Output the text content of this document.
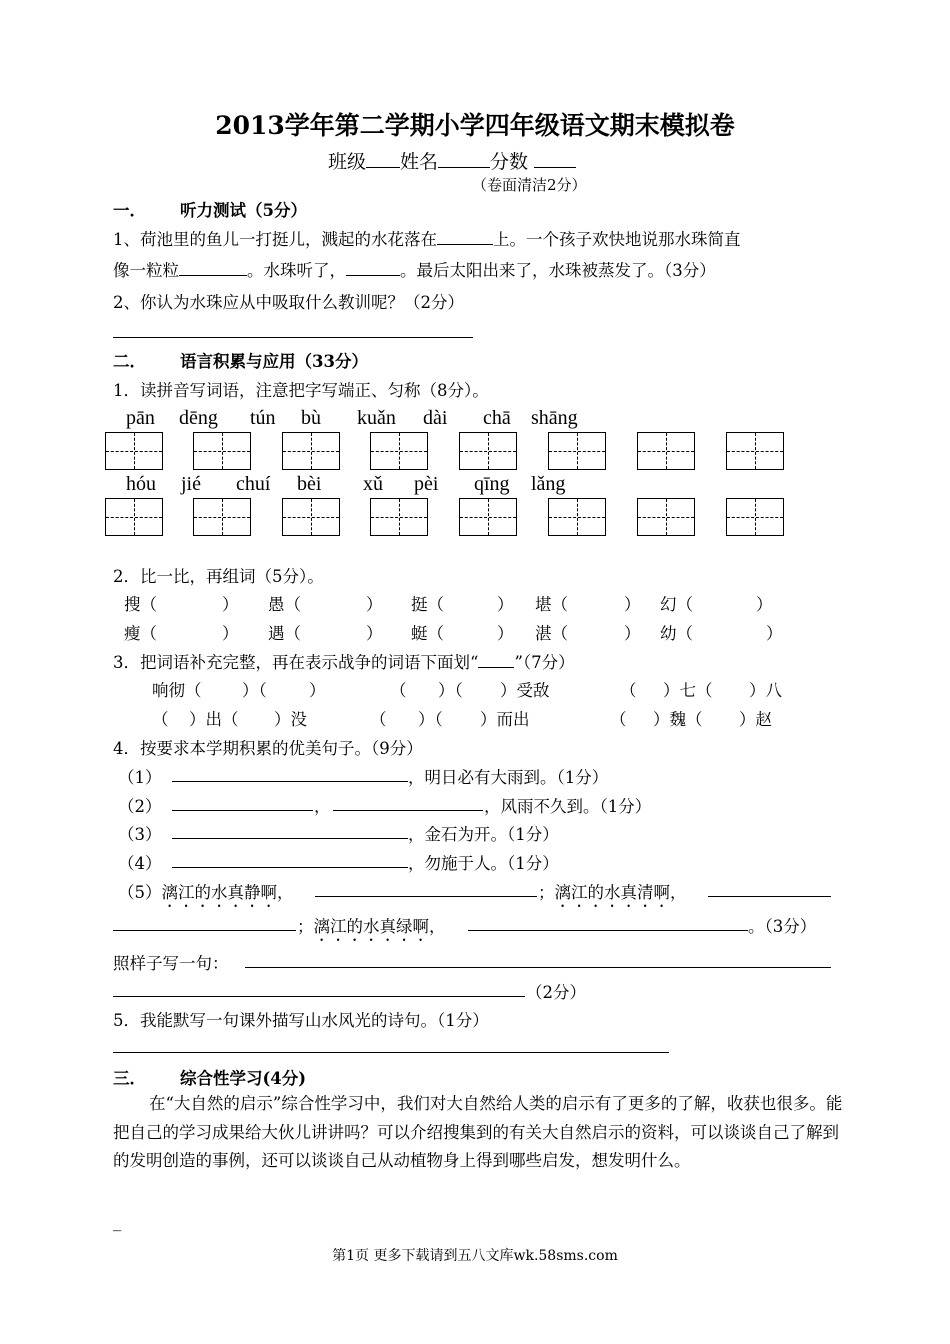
2013学年第二学期小学四年级语文期末模拟卷
班级 姓名	分数
（卷面清洁2分）
一． 听力测试（5分）
1、荷池里的鱼儿一打挺儿，溅起的水花落在	上。一个孩子欢快地说那水珠简直
像一粒粒	。水珠听了，	。最后太阳出来了，水珠被蒸发了。（3分）
2、你认为水珠应从中吸取什么教训呢？（2分）
二． 语言积累与应用（33分）
1．读拼音写词语，注意把字写端正、匀称（8分）。
pān dēng tún bù kuǎn dài chā shāng
hóu jié chuí bèi xǔ pèi qīng lǎng
2．比一比，再组词（5分）。
搜（	） 愚（	） 挺（	） 堪（	） 幻（	）
瘦（	） 遇（	） 蜓（	） 湛（	） 幼（	）
3．把词语补充完整，再在表示战争的词语下面划“ ”（7分）
响彻（ ）（	）	（ ）（ ）受敌	（ ）七（ ）八
（ ）出（ ）没	（ ）（ ）而出	（ ）魏（ ）赵
4．按要求本学期积累的优美句子。（9分）
（1）	，明日必有大雨到。（1分）
（2）	，	，风雨不久到。（1分）
（3）	，金石为开。（1分）
（4）	，勿施于人。（1分）
（5）漓江的水真静啊，	；漓江的水真清啊，
；漓江的水真绿啊，	。（3分）
照样子写一句：
（2分）
5．我能默写一句课外描写山水风光的诗句。（1分）
三． 综合性学习(4分)
在“大自然的启示”综合性学习中，我们对大自然给人类的启示有了更多的了解，收获也很多。能把自己的学习成果给大伙儿讲讲吗？可以介绍搜集到的有关大自然启示的资料，可以谈谈自己了解到的发明创造的事例，还可以谈谈自己从动植物身上得到哪些启发，想发明什么。
_
第1页 更多下载请到五八文库wk.58sms.com
